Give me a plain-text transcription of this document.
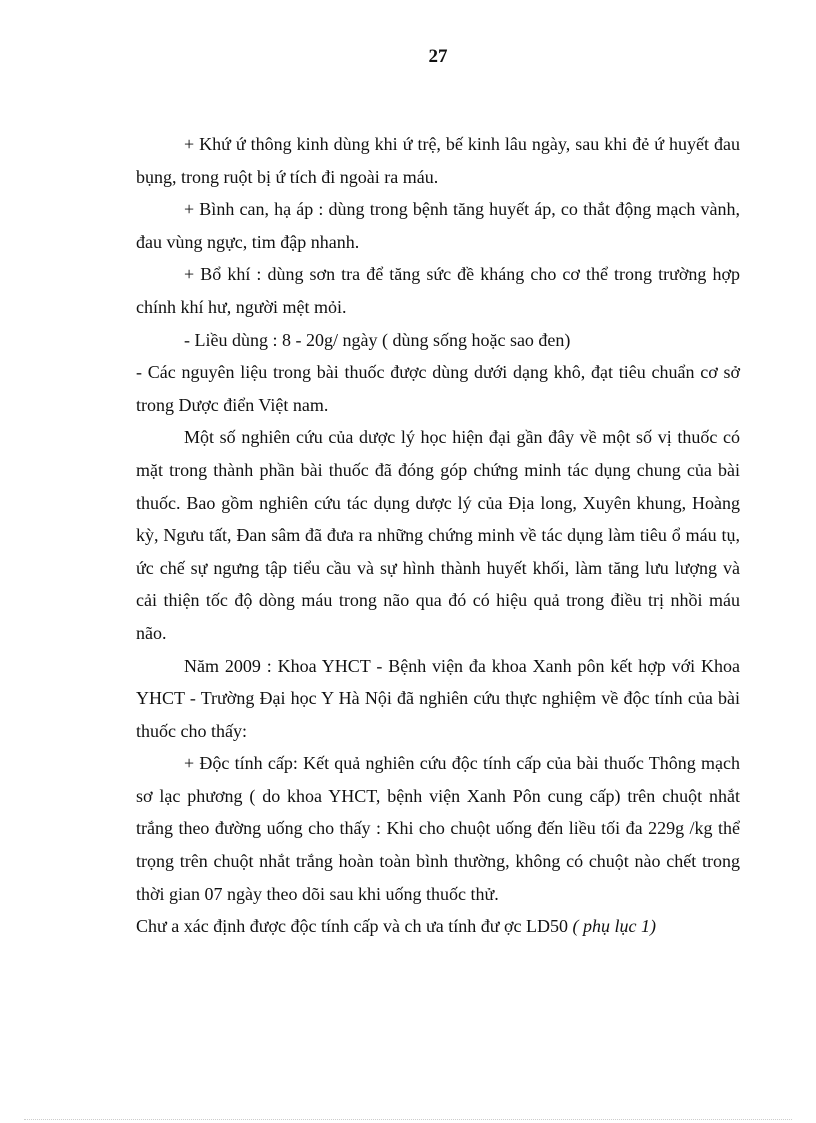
27

+ Khứ ứ thông kinh dùng khi ứ trệ, bế kinh lâu ngày, sau khi đẻ ứ huyết đau bụng, trong ruột bị ứ tích đi ngoài ra máu.

+ Bình can, hạ áp : dùng trong bệnh tăng huyết áp, co thắt động mạch vành, đau vùng ngực, tim đập nhanh.

+ Bổ khí : dùng sơn tra để tăng sức đề kháng cho cơ thể trong trường hợp chính khí hư, người mệt mỏi.

- Liều dùng : 8 - 20g/ ngày ( dùng sống hoặc sao đen)

- Các nguyên liệu trong bài thuốc được dùng dưới dạng khô, đạt tiêu chuẩn cơ sở trong Dược điển Việt nam.

Một số nghiên cứu của dược lý học hiện đại gần đây về một số vị thuốc có mặt trong thành phần bài thuốc đã đóng góp chứng minh tác dụng chung của bài thuốc. Bao gồm nghiên cứu tác dụng dược lý của Địa long, Xuyên khung, Hoàng kỳ, Ngưu tất, Đan sâm đã đưa ra những chứng minh về tác dụng làm tiêu ổ máu tụ, ức chế sự ngưng tập tiểu cầu và sự hình thành huyết khối, làm tăng lưu lượng và cải thiện tốc độ dòng máu trong não qua đó có hiệu quả trong điều trị nhồi máu não.

Năm 2009 : Khoa YHCT - Bệnh viện đa khoa Xanh pôn kết hợp với Khoa YHCT - Trường Đại học Y Hà Nội đã nghiên cứu thực nghiệm về độc tính của bài thuốc cho thấy:

+ Độc tính cấp: Kết quả nghiên cứu độc tính cấp của bài thuốc Thông mạch sơ lạc phương ( do khoa YHCT, bệnh viện Xanh Pôn cung cấp) trên chuột nhắt trắng theo đường uống cho thấy : Khi cho chuột uống đến liều tối đa 229g /kg thể trọng trên chuột nhắt trắng hoàn toàn bình thường, không có chuột nào chết trong thời gian 07 ngày theo dõi sau khi uống thuốc thử.

Chư a xác định được độc tính cấp và ch ưa tính đư ợc LD50 ( phụ lục 1)
